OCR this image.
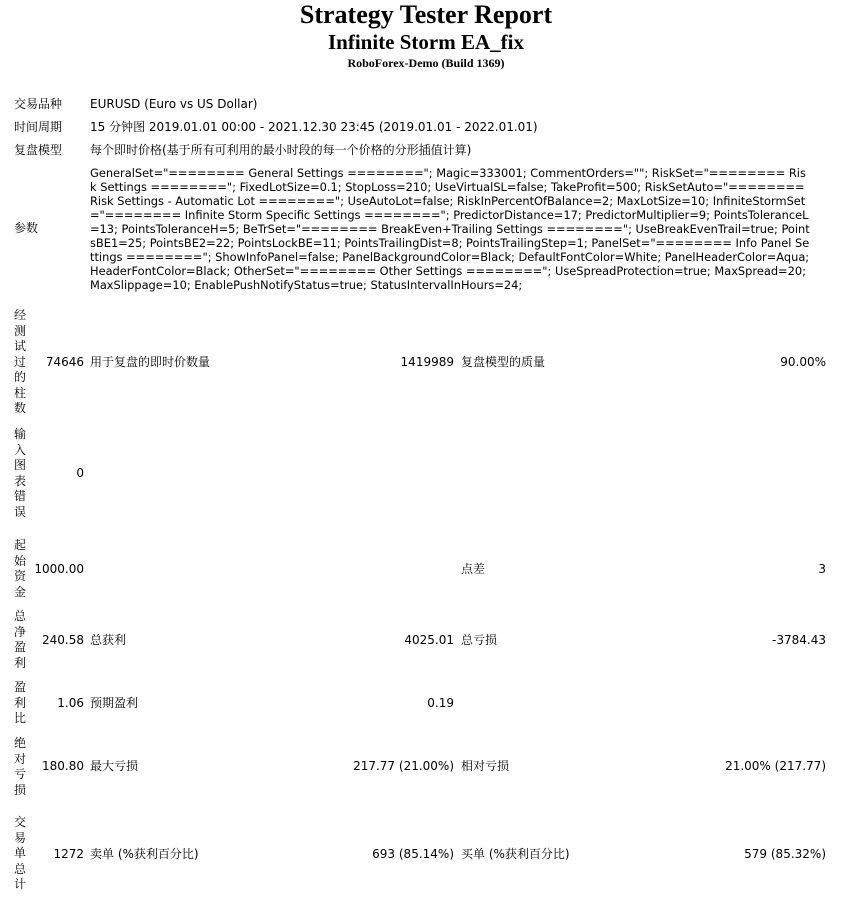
Strategy Tester Report
Infinite Storm EA_fix
RoboForex-Demo (Build 1369)
交易品种 EURUSD (Euro vs US Dollar)
时间周期 15 分钟图 2019.01.01 00:00 - 2021.12.30 23:45 (2019.01.01 - 2022.01.01)
复盘模型 每个即时价格(基于所有可利用的最小时段的每一个价格的分形插值计算)
参数
GeneralSet="======== General Settings ========"; Magic=333001; CommentOrders=""; RiskSet="======== Risk Settings ========"; FixedLotSize=0.1; StopLoss=210; UseVirtualSL=false; TakeProfit=500; RiskSetAuto="======== Risk Settings - Automatic Lot ========"; UseAutoLot=false; RiskInPercentOfBalance=2; MaxLotSize=10; InfiniteStormSet="======== Infinite Storm Specific Settings ========"; PredictorDistance=17; PredictorMultiplier=9; PointsToleranceL=13; PointsToleranceH=5; BeTrSet="======== BreakEven+Trailing Settings ========"; UseBreakEvenTrail=true; PointsBE1=25; PointsBE2=22; PointsLockBE=11; PointsTrailingDist=8; PointsTrailingStep=1; PanelSet="======== Info Panel Settings ========"; ShowInfoPanel=false; PanelBackgroundColor=Black; DefaultFontColor=White; PanelHeaderColor=Aqua; HeaderFontColor=Black; OtherSet="======== Other Settings ========"; UseSpreadProtection=true; MaxSpread=20; MaxSlippage=10; EnablePushNotifyStatus=true; StatusIntervalInHours=24;
经测试过的柱数
74646 用于复盘的即时价数量	1419989 复盘模型的质量	90.00%
输入图表错误
0
起始资金
1000.00	点差	3
总净盈利
240.58 总获利	4025.01 总亏损	-3784.43
盈利比
1.06 预期盈利	0.19
绝对亏损
180.80 最大亏损	217.77 (21.00%) 相对亏损	21.00% (217.77)
交易单总计
1272 卖单 (%获利百分比)	693 (85.14%) 买单 (%获利百分比)	579 (85.32%)
